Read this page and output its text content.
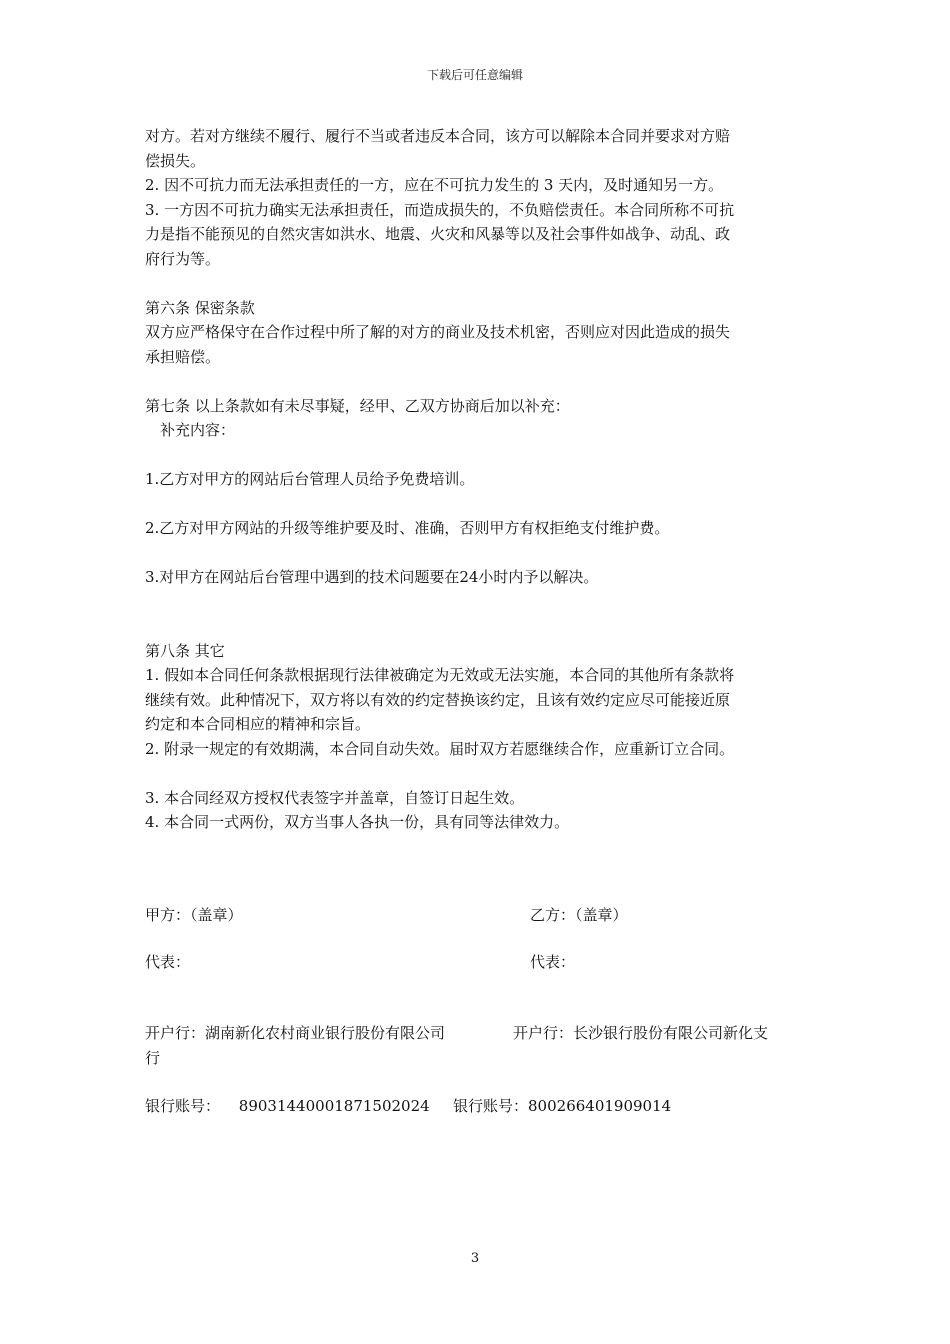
下载后可任意编辑
对方。若对方继续不履行、履行不当或者违反本合同，该方可以解除本合同并要求对方赔
偿损失。
2. 因不可抗力而无法承担责任的一方，应在不可抗力发生的 3 天内，及时通知另一方。
3. 一方因不可抗力确实无法承担责任，而造成损失的，不负赔偿责任。本合同所称不可抗
力是指不能预见的自然灾害如洪水、地震、火灾和风暴等以及社会事件如战争、动乱、政
府行为等。
第六条 保密条款
双方应严格保守在合作过程中所了解的对方的商业及技术机密，否则应对因此造成的损失
承担赔偿。
第七条 以上条款如有未尽事疑，经甲、乙双方协商后加以补充：
补充内容：
1.乙方对甲方的网站后台管理人员给予免费培训。
2.乙方对甲方网站的升级等维护要及时、准确，否则甲方有权拒绝支付维护费。
3.对甲方在网站后台管理中遇到的技术问题要在24小时内予以解决。
第八条 其它
1. 假如本合同任何条款根据现行法律被确定为无效或无法实施，本合同的其他所有条款将
继续有效。此种情况下，双方将以有效的约定替换该约定，且该有效约定应尽可能接近原
约定和本合同相应的精神和宗旨。
2. 附录一规定的有效期满，本合同自动失效。届时双方若愿继续合作，应重新订立合同。
3. 本合同经双方授权代表签字并盖章，自签订日起生效。
4. 本合同一式两份，双方当事人各执一份，具有同等法律效力。
甲方：（盖章）	乙方：（盖章）
代表：	代表：
开户行：湖南新化农村商业银行股份有限公司	开户行：长沙银行股份有限公司新化支
行
银行账号： 89031440001871502024 银行账号：800266401909014
3
